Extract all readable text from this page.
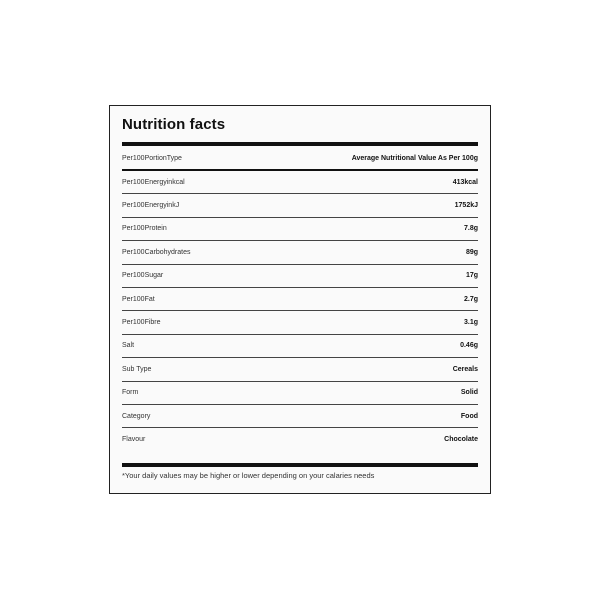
Nutrition facts
Per100PortionType	Average Nutritional Value As Per 100g
Per100Energyinkcal	413kcal
Per100EnergyinkJ	1752kJ
Per100Protein	7.8g
Per100Carbohydrates	89g
Per100Sugar	17g
Per100Fat	2.7g
Per100Fibre	3.1g
Salt	0.46g
Sub Type	Cereals
Form	Solid
Category	Food
Flavour	Chocolate
*Your daily values may be higher or lower depending on your calaries needs
